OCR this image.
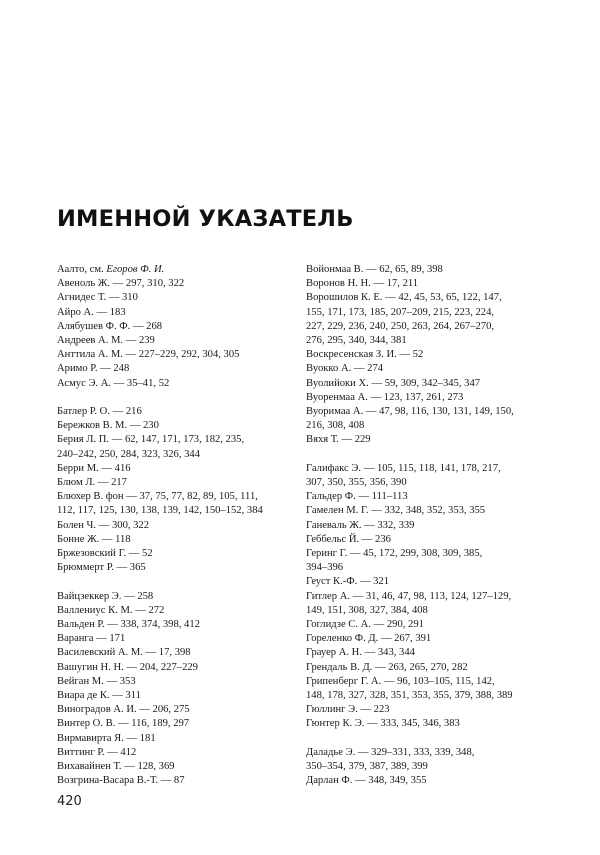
ИМЕННОЙ УКАЗАТЕЛЬ
Аалто, см. Егоров Ф. И.
Авеноль Ж. — 297, 310, 322
Агнидес Т. — 310
Айро А. — 183
Алябушев Ф. Ф. — 268
Андреев А. М. — 239
Анттила А. М. — 227–229, 292, 304, 305
Аримо Р. — 248
Асмус Э. А. — 35–41, 52
Батлер Р. О. — 216
Бережков В. М. — 230
Берия Л. П. — 62, 147, 171, 173, 182, 235,
240–242, 250, 284, 323, 326, 344
Берри М. — 416
Блюм Л. — 217
Блюхер В. фон — 37, 75, 77, 82, 89, 105, 111,
112, 117, 125, 130, 138, 139, 142, 150–152, 384
Болен Ч. — 300, 322
Бонне Ж. — 118
Бржезовский Г. — 52
Брюммерт Р. — 365
Вайцзеккер Э. — 258
Валлениус К. М. — 272
Вальден Р. — 338, 374, 398, 412
Варанга — 171
Василевский А. М. — 17, 398
Вашугин Н. Н. — 204, 227–229
Вейган М. — 353
Виара де К. — 311
Виноградов А. И. — 206, 275
Винтер О. В. — 116, 189, 297
Вирмавирта Я. — 181
Виттинг Р. — 412
Вихавайнен Т. — 128, 369
Возгрина-Васара В.-Т. — 87
Войонмаа В. — 62, 65, 89, 398
Воронов Н. Н. — 17, 211
Ворошилов К. Е. — 42, 45, 53, 65, 122, 147,
155, 171, 173, 185, 207–209, 215, 223, 224,
227, 229, 236, 240, 250, 263, 264, 267–270,
276, 295, 340, 344, 381
Воскресенская З. И. — 52
Вуокко А. — 274
Вуолийоки Х. — 59, 309, 342–345, 347
Вуоренмаа А. — 123, 137, 261, 273
Вуоримаа А. — 47, 98, 116, 130, 131, 149, 150,
216, 308, 408
Вяхя Т. — 229
Галифакс Э. — 105, 115, 118, 141, 178, 217,
307, 350, 355, 356, 390
Гальдер Ф. — 111–113
Гамелен М. Г. — 332, 348, 352, 353, 355
Ганеваль Ж. — 332, 339
Геббельс Й. — 236
Геринг Г. — 45, 172, 299, 308, 309, 385,
394–396
Геуст К.-Ф. — 321
Гитлер А. — 31, 46, 47, 98, 113, 124, 127–129,
149, 151, 308, 327, 384, 408
Гоглидзе С. А. — 290, 291
Гореленко Ф. Д. — 267, 391
Грауер А. Н. — 343, 344
Грендаль В. Д. — 263, 265, 270, 282
Грипенберг Г. А. — 96, 103–105, 115, 142,
148, 178, 327, 328, 351, 353, 355, 379, 388, 389
Гюллинг Э. — 223
Гюнтер К. Э. — 333, 345, 346, 383
Даладье Э. — 329–331, 333, 339, 348,
350–354, 379, 387, 389, 399
Дарлан Ф. — 348, 349, 355
420
